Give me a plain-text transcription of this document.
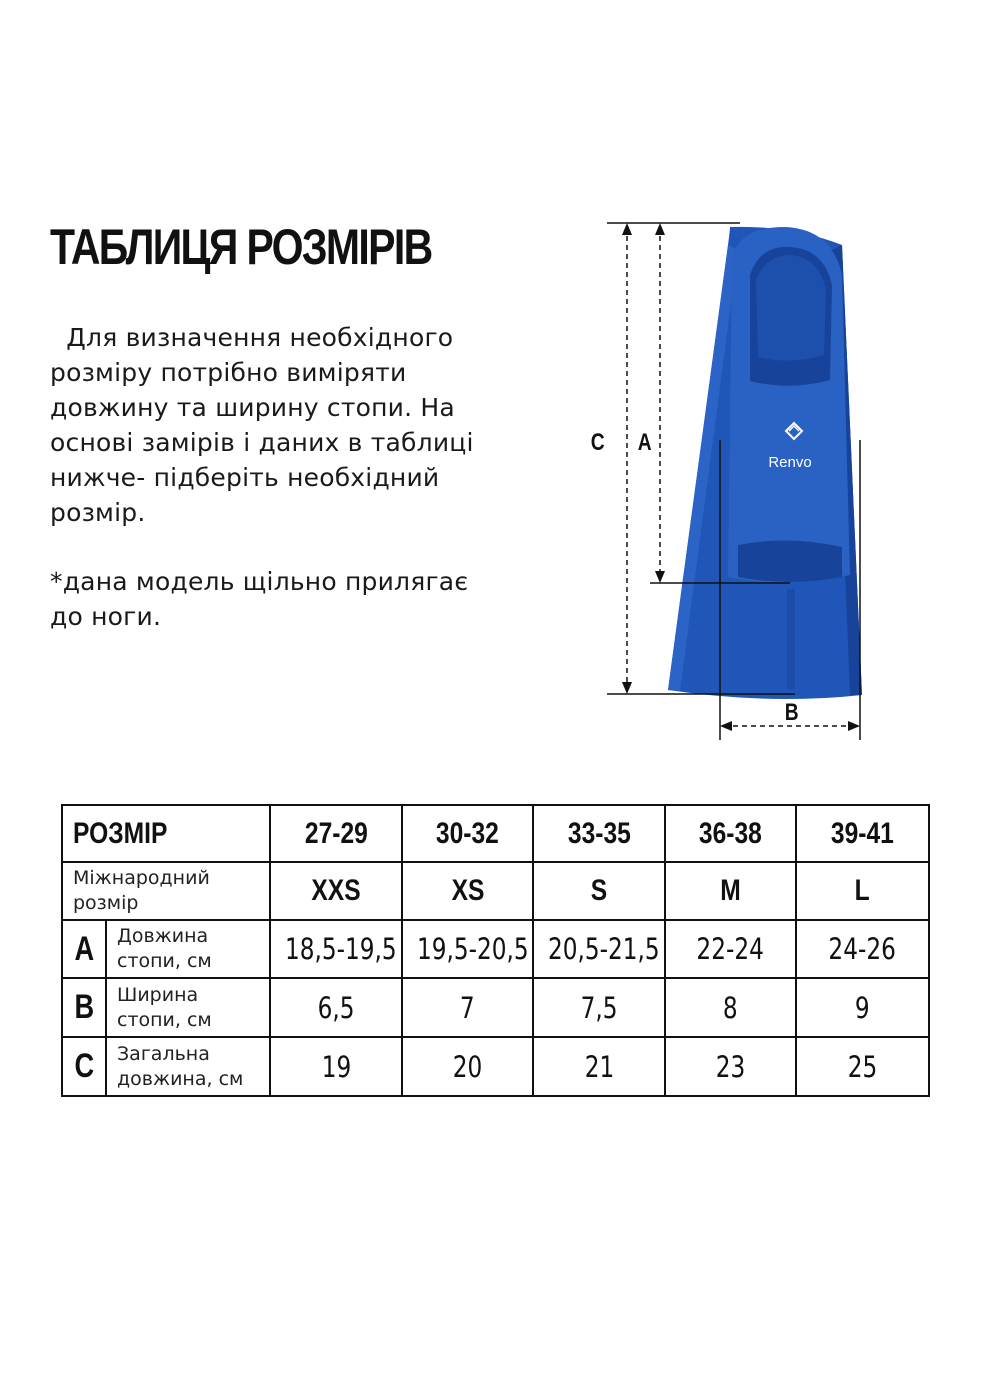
ТАБЛИЦЯ РОЗМІРІВ

Для визначення необхідного

розміру потрібно виміряти

довжину та ширину стопи. На

основі замірів і даних в таблиці

нижче- підберіть необхідний

розмір.

*дана модель щільно прилягає

до ноги.

Renvo
C A
B
РОЗМІР		27-29	30-32	33-35	36-38	39-41

Міжнародний
розмір		XXS	XS	S	M	L
A	Довжина
стопи, см	18,5-19,5	19,5-20,5	20,5-21,5	22-24	24-26
B	Ширина
стопи, см	6,5	7	7,5	8	9
C	Загальна
довжина, см	19	20	21	23	25
